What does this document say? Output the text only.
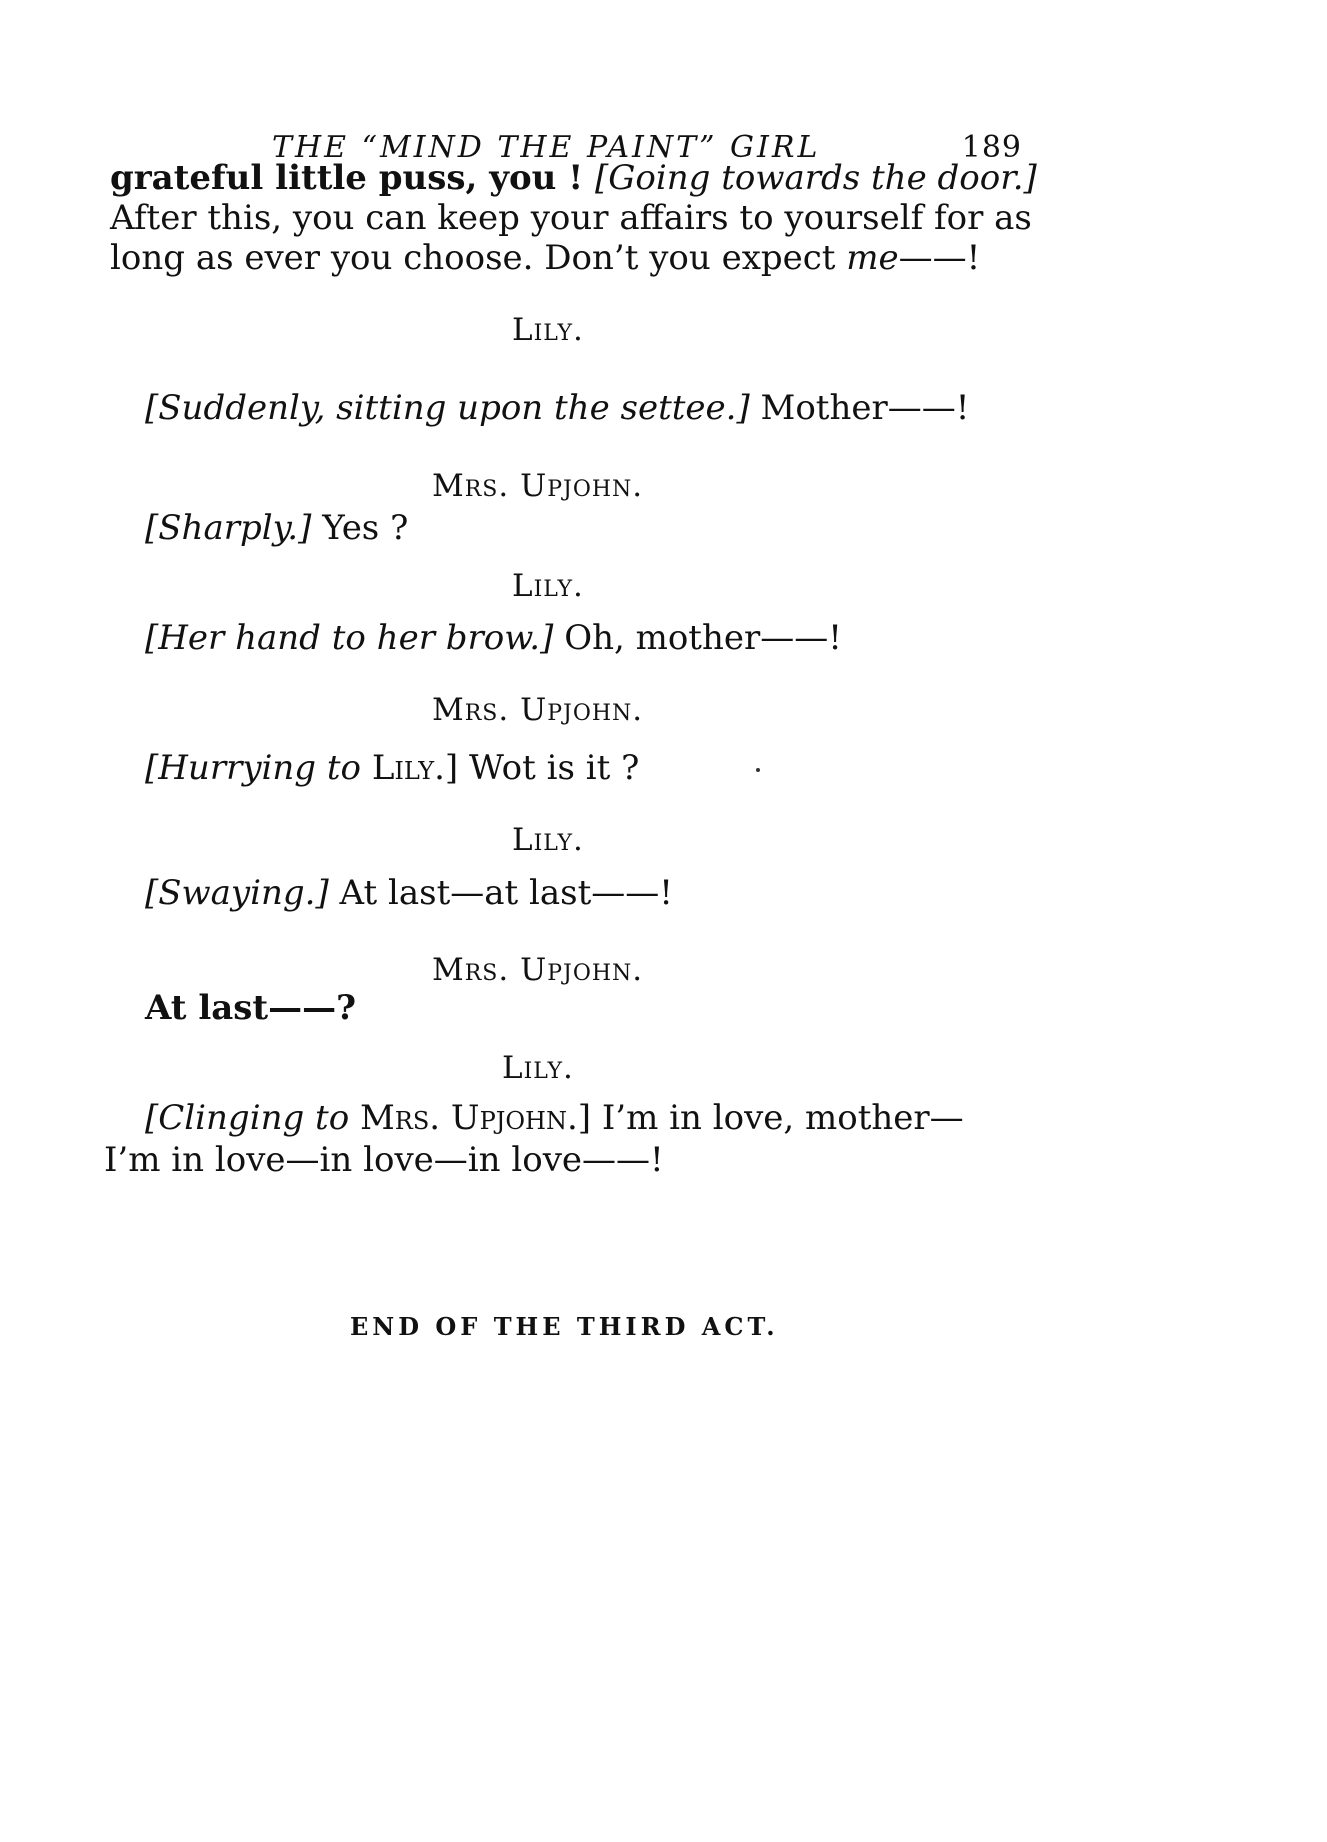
THE “MIND THE PAINT” GIRL	189
grateful little puss, you ! [Going towards the door.]
After this, you can keep your affairs to yourself for as
long as ever you choose. Don’t you expect me——!
Lily.
[Suddenly, sitting upon the settee.] Mother——!
Mrs. Upjohn.
[Sharply.] Yes ?
Lily.
[Her hand to her brow.] Oh, mother——!
Mrs. Upjohn.
[Hurrying to Lily.] Wot is it ?
Lily.
[Swaying.] At last—at last——!
Mrs. Upjohn.
At last——?
Lily.
[Clinging to Mrs. Upjohn.] I’m in love, mother—
I’m in love—in love—in love——!
END OF THE THIRD ACT.
